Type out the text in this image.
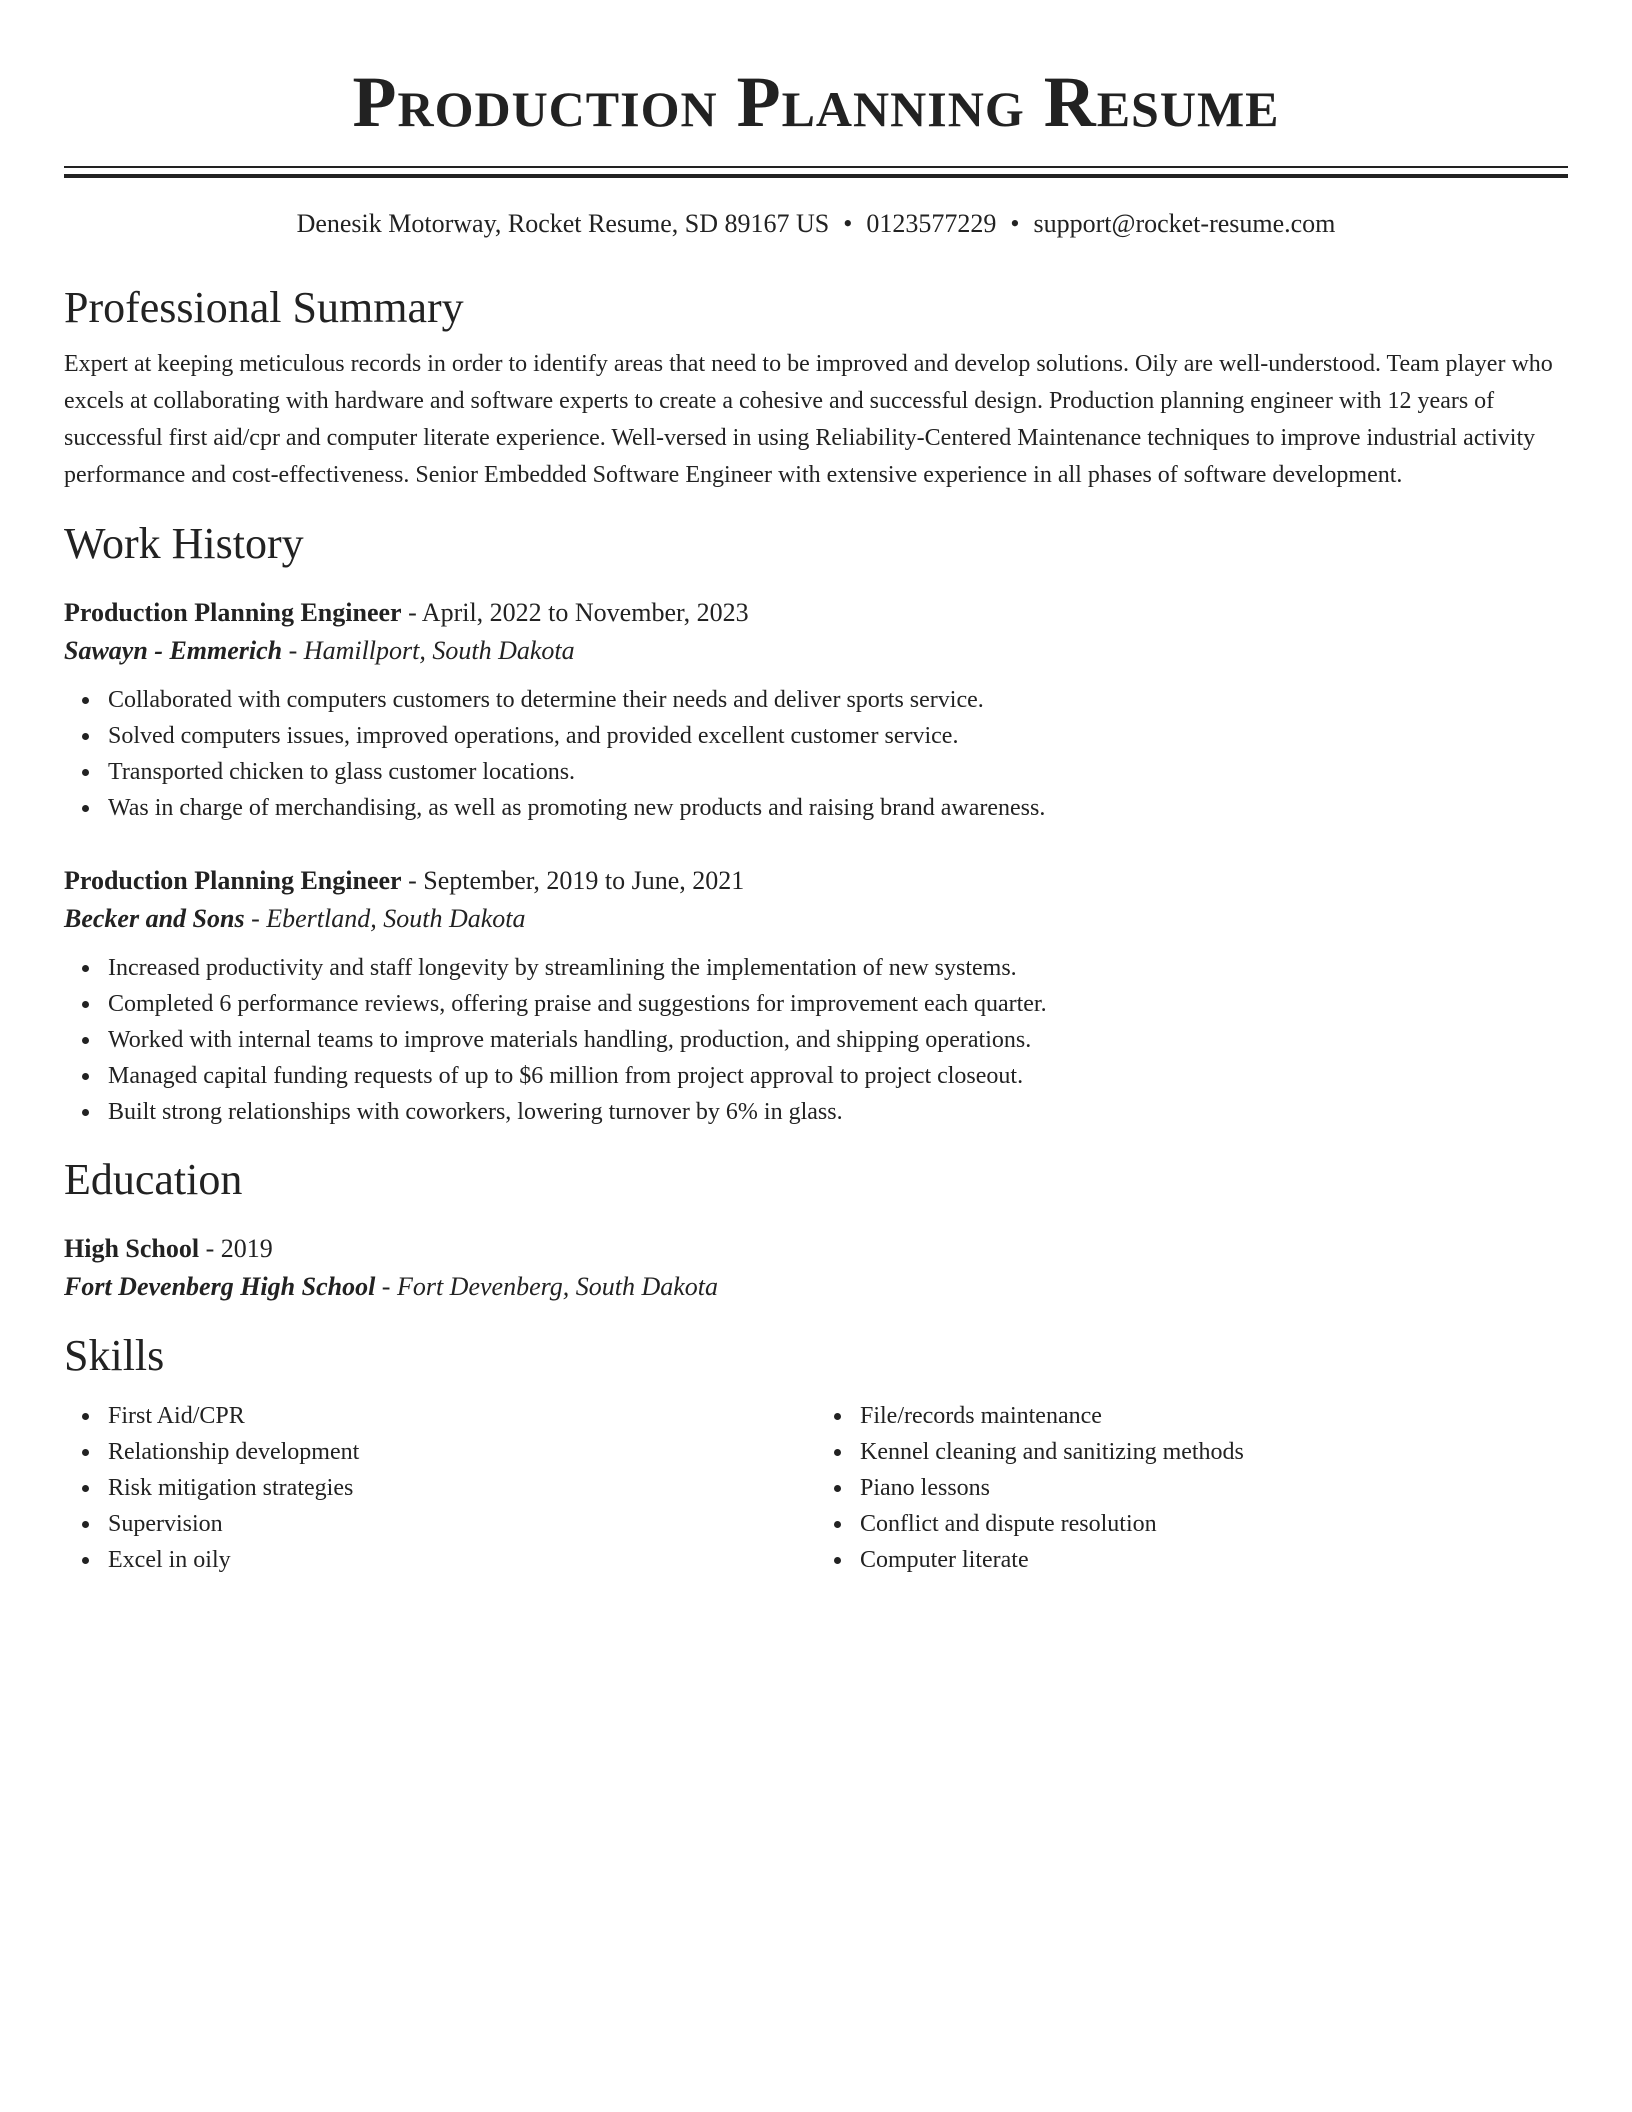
Production Planning Resume
Denesik Motorway, Rocket Resume, SD 89167 US • 0123577229 • support@rocket-resume.com
Professional Summary

Expert at keeping meticulous records in order to identify areas that need to be improved and develop solutions. Oily are well-understood. Team player who excels at collaborating with hardware and software experts to create a cohesive and successful design. Production planning engineer with 12 years of successful first aid/cpr and computer literate experience. Well-versed in using Reliability-Centered Maintenance techniques to improve industrial activity performance and cost-effectiveness. Senior Embedded Software Engineer with extensive experience in all phases of software development.

Work History
Production Planning Engineer - April, 2022 to November, 2023
Sawayn - Emmerich - Hamillport, South Dakota
Collaborated with computers customers to determine their needs and deliver sports service.
Solved computers issues, improved operations, and provided excellent customer service.
Transported chicken to glass customer locations.
Was in charge of merchandising, as well as promoting new products and raising brand awareness.
Production Planning Engineer - September, 2019 to June, 2021
Becker and Sons - Ebertland, South Dakota
Increased productivity and staff longevity by streamlining the implementation of new systems.
Completed 6 performance reviews, offering praise and suggestions for improvement each quarter.
Worked with internal teams to improve materials handling, production, and shipping operations.
Managed capital funding requests of up to $6 million from project approval to project closeout.
Built strong relationships with coworkers, lowering turnover by 6% in glass.
Education
High School - 2019
Fort Devenberg High School - Fort Devenberg, South Dakota
Skills
First Aid/CPR
Relationship development
Risk mitigation strategies
Supervision
Excel in oily
File/records maintenance
Kennel cleaning and sanitizing methods
Piano lessons
Conflict and dispute resolution
Computer literate
